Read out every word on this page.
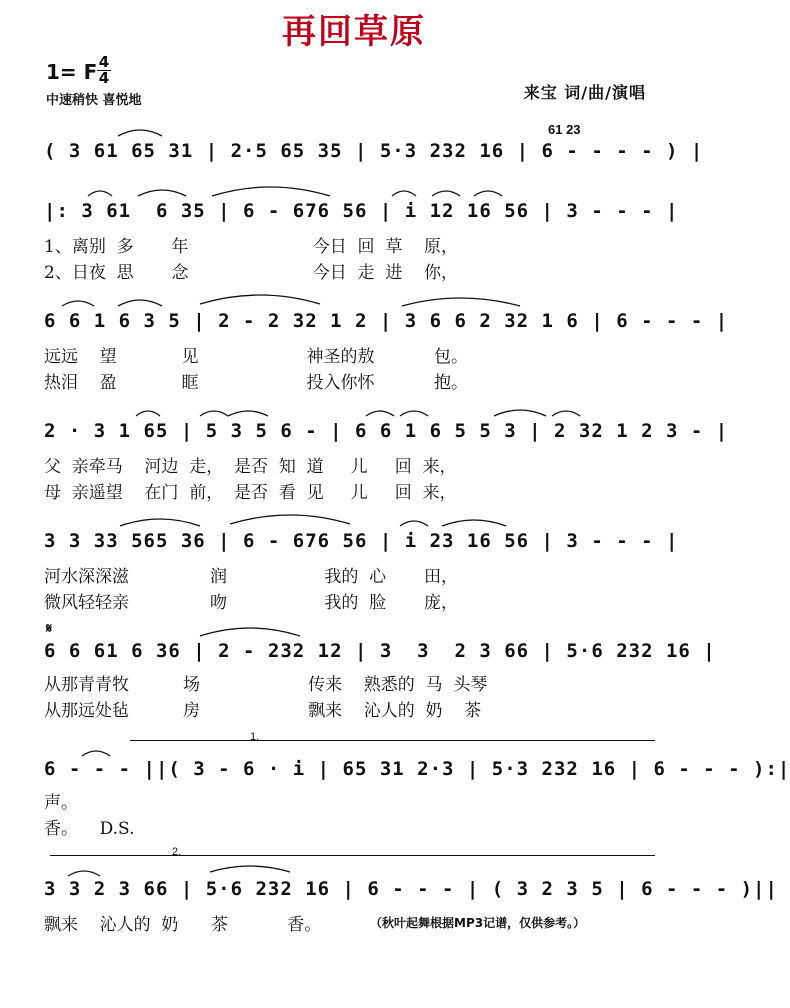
再回草原
1= F 4
4
中速稍快 喜悦地	来宝 词/曲/演唱
61 23
( 3 61 65 31 | 2·5 65 35 | 5·3 232 16 | 6 - - - - ) |
|: 3 61  6 35 | 6 - 676 56 | i 12 16 56 | 3 - - - |
1、离别  多       年                       今日  回  草    原，
2、日夜  思       念                       今日  走  进    你，
6 6 1 6 3 5 | 2 - 2 32 1 2 | 3 6 6 2 32 1 6 | 6 - - - |
远远    望            见                    神圣的敖           包。
热泪    盈            眶                    投入你怀           抱。
2 · 3 1 65 | 5 3 5 6 - | 6 6 1 6 5 5 3 | 2 32 1 2 3 - |
父  亲牵马    河边  走，  是否  知  道     儿     回  来，
母  亲遥望    在门  前，  是否  看  见     儿     回  来，
3 3 33 565 36 | 6 - 676 56 | i 23 16 56 | 3 - - - |
河水深深滋               润                  我的  心       田，
微风轻轻亲               吻                  我的  脸       庞，
𝄋
6 6 61 6 36 | 2 - 232 12 | 3  3  2 3 66 | 5·6 232 16 |
从那青青牧          场                    传来    熟悉的  马  头琴
从那远处毡          房                    飘来    沁人的  奶    茶
1.
6 - - - ||( 3 - 6 · i | 65 31 2·3 | 5·3 232 16 | 6 - - - ):|
声。
香。    D.S.
2.
3 3 2 3 66 | 5·6 232 16 | 6 - - - | ( 3 2 3 5 | 6 - - - )||
飘来    沁人的  奶      茶           香。	（秋叶起舞根据MP3记谱，仅供参考。）
